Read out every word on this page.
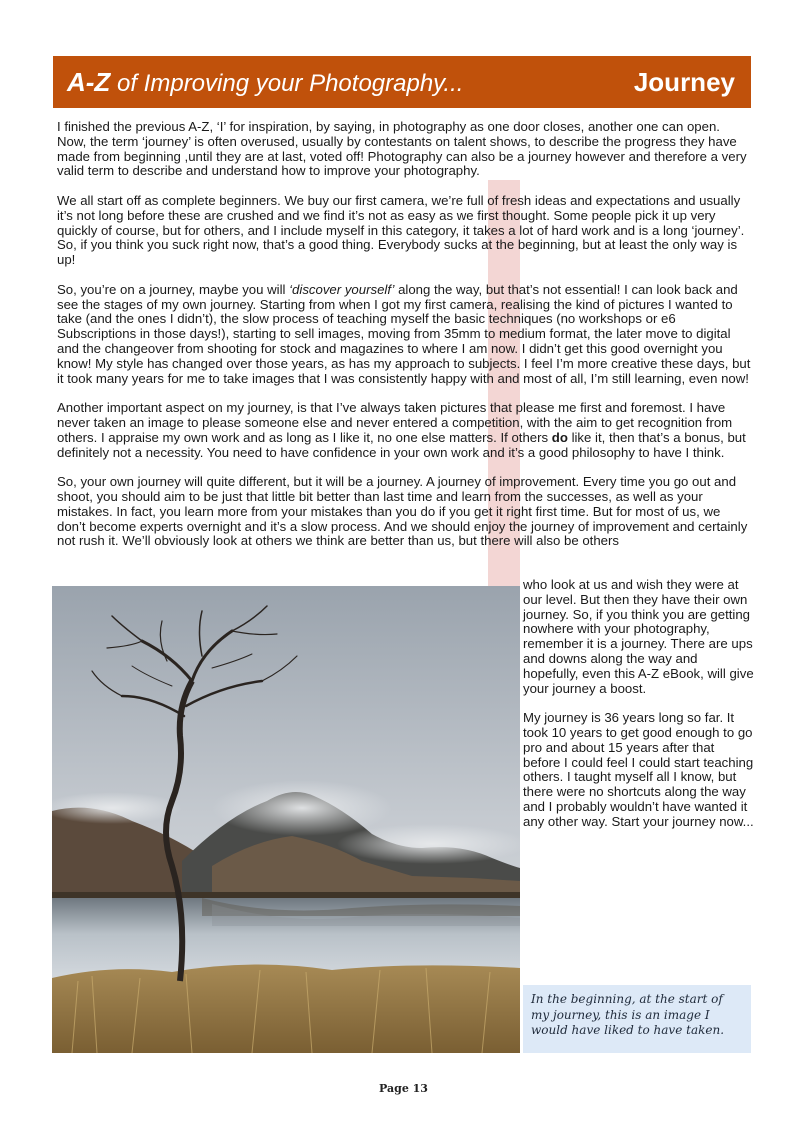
A-Z of Improving your Photography...	Journey

I finished the previous A-Z, ‘I’ for inspiration, by saying, in photography as one door closes, another one can open. Now, the term ‘journey’ is often overused, usually by contestants on talent shows, to describe the progress they have made from beginning ,until they are at last, voted off! Photography can also be a journey however and therefore a very valid term to describe and understand how to improve your photography.

We all start off as complete beginners. We buy our first camera, we’re full of fresh ideas and expectations and usually it’s not long before these are crushed and we find it’s not as easy as we first thought. Some people pick it up very quickly of course, but for others, and I include myself in this category, it takes a lot of hard work and is a long ‘journey’. So, if you think you suck right now, that’s a good thing. Everybody sucks at the beginning, but at least the only way is up!

So, you’re on a journey, maybe you will ‘discover yourself’ along the way, but that’s not essential! I can look back and see the stages of my own journey. Starting from when I got my first camera, realising the kind of pictures I wanted to take (and the ones I didn’t), the slow process of teaching myself the basic techniques (no workshops or e6 Subscriptions in those days!), starting to sell images, moving from 35mm to medium format, the later move to digital and the changeover from shooting for stock and magazines to where I am now. I didn’t get this good overnight you know! My style has changed over those years, as has my approach to subjects. I feel I’m more creative these days, but it took many years for me to take images that I was consistently happy with and most of all, I’m still learning, even now!

Another important aspect on my journey, is that I’ve always taken pictures that please me first and foremost. I have never taken an image to please someone else and never entered a competition, with the aim to get recognition from others. I appraise my own work and as long as I like it, no one else matters. If others do like it, then that’s a bonus, but definitely not a necessity. You need to have confidence in your own work and it’s a good philosophy to have I think.

So, your own journey will quite different, but it will be a journey. A journey of improvement. Every time you go out and shoot, you should aim to be just that little bit better than last time and learn from the successes, as well as your mistakes. In fact, you learn more from your mistakes than you do if you get it right first time. But for most of us, we don’t become experts overnight and it’s a slow process. And we should enjoy the journey of improvement and certainly not rush it. We’ll obviously look at others we think are better than us, but there will also be others

who look at us and wish they were at our level. But then they have their own journey. So, if you think you are getting nowhere with your photography, remember it is a journey. There are ups and downs along the way and hopefully, even this A-Z eBook, will give your journey a boost.

My journey is 36 years long so far. It took 10 years to get good enough to go pro and about 15 years after that before I could feel I could start teaching others. I taught myself all I know, but there were no shortcuts along the way and I probably wouldn’t have wanted it any other way. Start your journey now...

In the beginning, at the start of my journey, this is an image I would have liked to have taken.
Page 13
